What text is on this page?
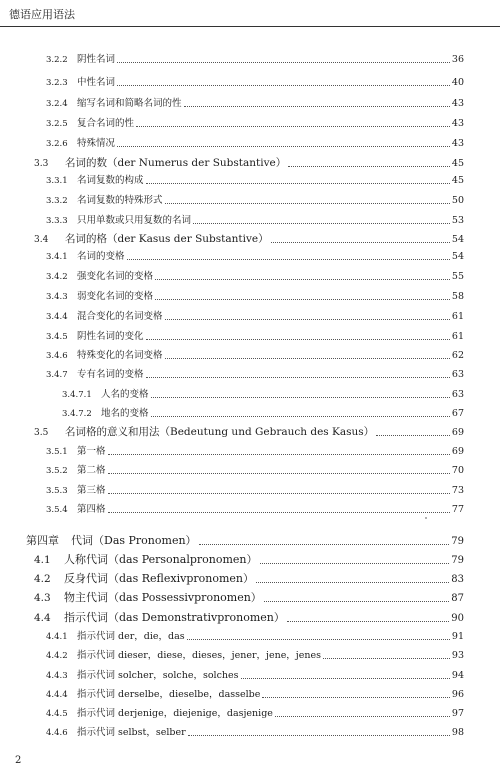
德语应用语法
3.2.2 阴性名词	36
3.2.3 中性名词	40
3.2.4 缩写名词和简略名词的性	43
3.2.5 复合名词的性	43
3.2.6 特殊情况	43
3.3 名词的数（der Numerus der Substantive）	45
3.3.1 名词复数的构成	45
3.3.2 名词复数的特殊形式	50
3.3.3 只用单数或只用复数的名词	53
3.4 名词的格（der Kasus der Substantive）	54
3.4.1 名词的变格	54
3.4.2 强变化名词的变格	55
3.4.3 弱变化名词的变格	58
3.4.4 混合变化的名词变格	61
3.4.5 阴性名词的变化	61
3.4.6 特殊变化的名词变格	62
3.4.7 专有名词的变格	63
3.4.7.1 人名的变格	63
3.4.7.2 地名的变格	67
3.5 名词格的意义和用法（Bedeutung und Gebrauch des Kasus）	69
3.5.1 第一格	69
3.5.2 第二格	70
3.5.3 第三格	73
3.5.4 第四格	77
第四章 代词（Das Pronomen）	79
4.1 人称代词（das Personalpronomen）	79
4.2 反身代词（das Reflexivpronomen）	83
4.3 物主代词（das Possessivpronomen）	87
4.4 指示代词（das Demonstrativpronomen）	90
4.4.1 指示代词 der，die，das	91
4.4.2 指示代词 dieser，diese，dieses，jener，jene，jenes	93
4.4.3 指示代词 solcher，solche，solches	94
4.4.4 指示代词 derselbe，dieselbe，dasselbe	96
4.4.5 指示代词 derjenige，diejenige，dasjenige	97
4.4.6 指示代词 selbst，selber	98
2
